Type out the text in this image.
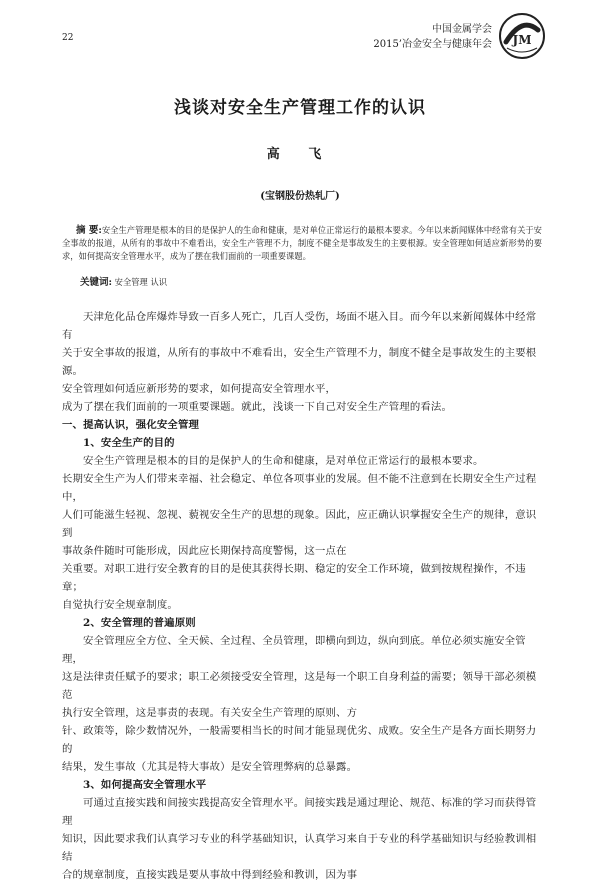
22
中国金属学会
2015’冶金安全与健康年会 JM
浅谈对安全生产管理工作的认识
高 飞
(宝钢股份热轧厂)
摘 要:安全生产管理是根本的目的是保护人的生命和健康，是对单位正常运行的最根本要求。今年以来新闻媒体中经常有关于安全事故的报道，从所有的事故中不难看出，安全生产管理不力，制度不健全是事故发生的主要根源。安全管理如何适应新形势的要求，如何提高安全管理水平，成为了摆在我们面前的一项重要课题。
关键词: 安全管理 认识

天津危化品仓库爆炸导致一百多人死亡，几百人受伤，场面不堪入目。而今年以来新闻媒体中经常有

关于安全事故的报道，从所有的事故中不难看出，安全生产管理不力，制度不健全是事故发生的主要根源。

安全管理如何适应新形势的要求，如何提高安全管理水平，

成为了摆在我们面前的一项重要课题。就此，浅谈一下自己对安全生产管理的看法。

一、提高认识，强化安全管理

1、安全生产的目的

安全生产管理是根本的目的是保护人的生命和健康，是对单位正常运行的最根本要求。

长期安全生产为人们带来幸福、社会稳定、单位各项事业的发展。但不能不注意到在长期安全生产过程中，

人们可能滋生轻视、忽视、藐视安全生产的思想的现象。因此，应正确认识掌握安全生产的规律，意识到

事故条件随时可能形成，因此应长期保持高度警惕，这一点在

关重要。对职工进行安全教育的目的是使其获得长期、稳定的安全工作环境，做到按规程操作，不违章；

自觉执行安全规章制度。

2、安全管理的普遍原则

安全管理应全方位、全天候、全过程、全员管理，即横向到边，纵向到底。单位必须实施安全管理，

这是法律责任赋予的要求；职工必须接受安全管理，这是每一个职工自身利益的需要；领导干部必须模范

执行安全管理，这是事责的表现。有关安全生产管理的原则、方

针、政策等，除少数情况外，一般需要相当长的时间才能显现优劣、成败。安全生产是各方面长期努力的

结果，发生事故（尤其是特大事故）是安全管理弊病的总暴露。

3、如何提高安全管理水平

可通过直接实践和间接实践提高安全管理水平。间接实践是通过理论、规范、标准的学习而获得管理

知识，因此要求我们认真学习专业的科学基础知识，认真学习来自于专业的科学基础知识与经验教训相结

合的规章制度，直接实践是要从事故中得到经验和教训，因为事
